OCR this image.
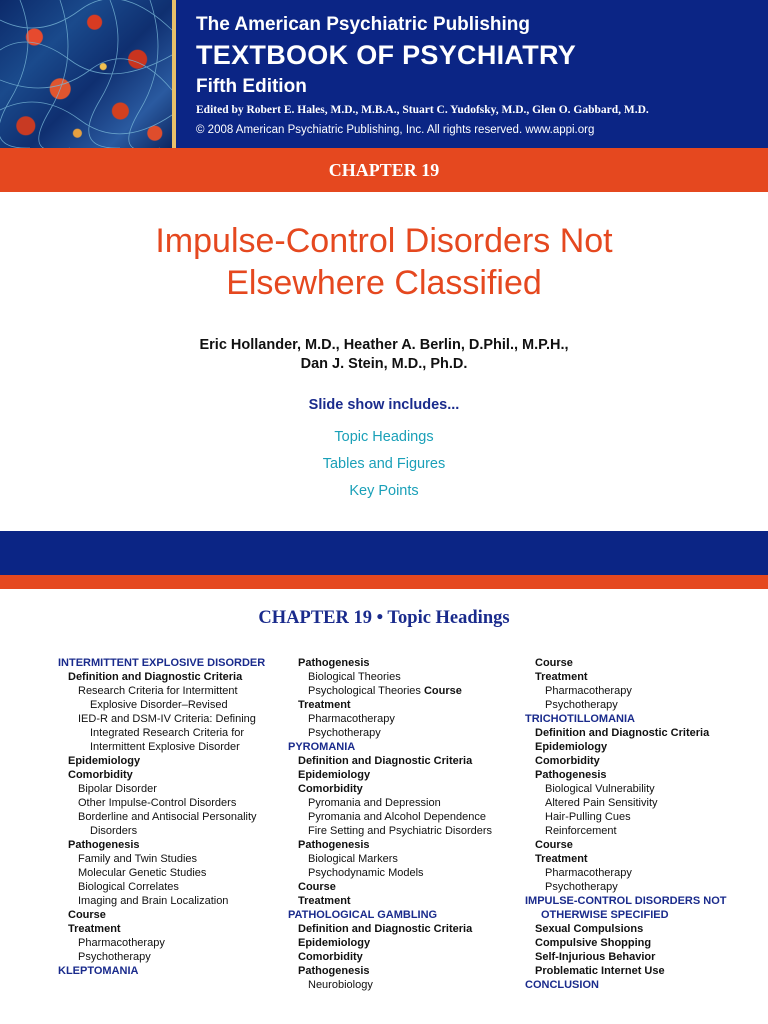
The American Psychiatric Publishing
TEXTBOOK OF PSYCHIATRY
Fifth Edition
Edited by Robert E. Hales, M.D., M.B.A., Stuart C. Yudofsky, M.D., Glen O. Gabbard, M.D.
© 2008 American Psychiatric Publishing, Inc. All rights reserved. www.appi.org
CHAPTER 19
Impulse-Control Disorders Not
Elsewhere Classified
Eric Hollander, M.D., Heather A. Berlin, D.Phil., M.P.H.,
Dan J. Stein, M.D., Ph.D.
Slide show includes...
Topic Headings
Tables and Figures
Key Points
CHAPTER 19 • Topic Headings
INTERMITTENT EXPLOSIVE DISORDER
Definition and Diagnostic Criteria
Research Criteria for Intermittent Explosive Disorder–Revised
IED-R and DSM-IV Criteria: Defining Integrated Research Criteria for Intermittent Explosive Disorder
Epidemiology
Comorbidity
Bipolar Disorder
Other Impulse-Control Disorders
Borderline and Antisocial Personality Disorders
Pathogenesis
Family and Twin Studies
Molecular Genetic Studies
Biological Correlates
Imaging and Brain Localization
Course
Treatment
Pharmacotherapy
Psychotherapy
KLEPTOMANIA
Pathogenesis
Biological Theories
Psychological Theories Course
Treatment
Pharmacotherapy
Psychotherapy
PYROMANIA
Definition and Diagnostic Criteria
Epidemiology
Comorbidity
Pyromania and Depression
Pyromania and Alcohol Dependence
Fire Setting and Psychiatric Disorders
Pathogenesis
Biological Markers
Psychodynamic Models
Course
Treatment
PATHOLOGICAL GAMBLING
Definition and Diagnostic Criteria
Epidemiology
Comorbidity
Pathogenesis
Neurobiology
Course
Treatment
Pharmacotherapy
Psychotherapy
TRICHOTILLOMANIA
Definition and Diagnostic Criteria
Epidemiology
Comorbidity
Pathogenesis
Biological Vulnerability
Altered Pain Sensitivity
Hair-Pulling Cues
Reinforcement
Course
Treatment
Pharmacotherapy
Psychotherapy
IMPULSE-CONTROL DISORDERS NOT OTHERWISE SPECIFIED
Sexual Compulsions
Compulsive Shopping
Self-Injurious Behavior
Problematic Internet Use
CONCLUSION
